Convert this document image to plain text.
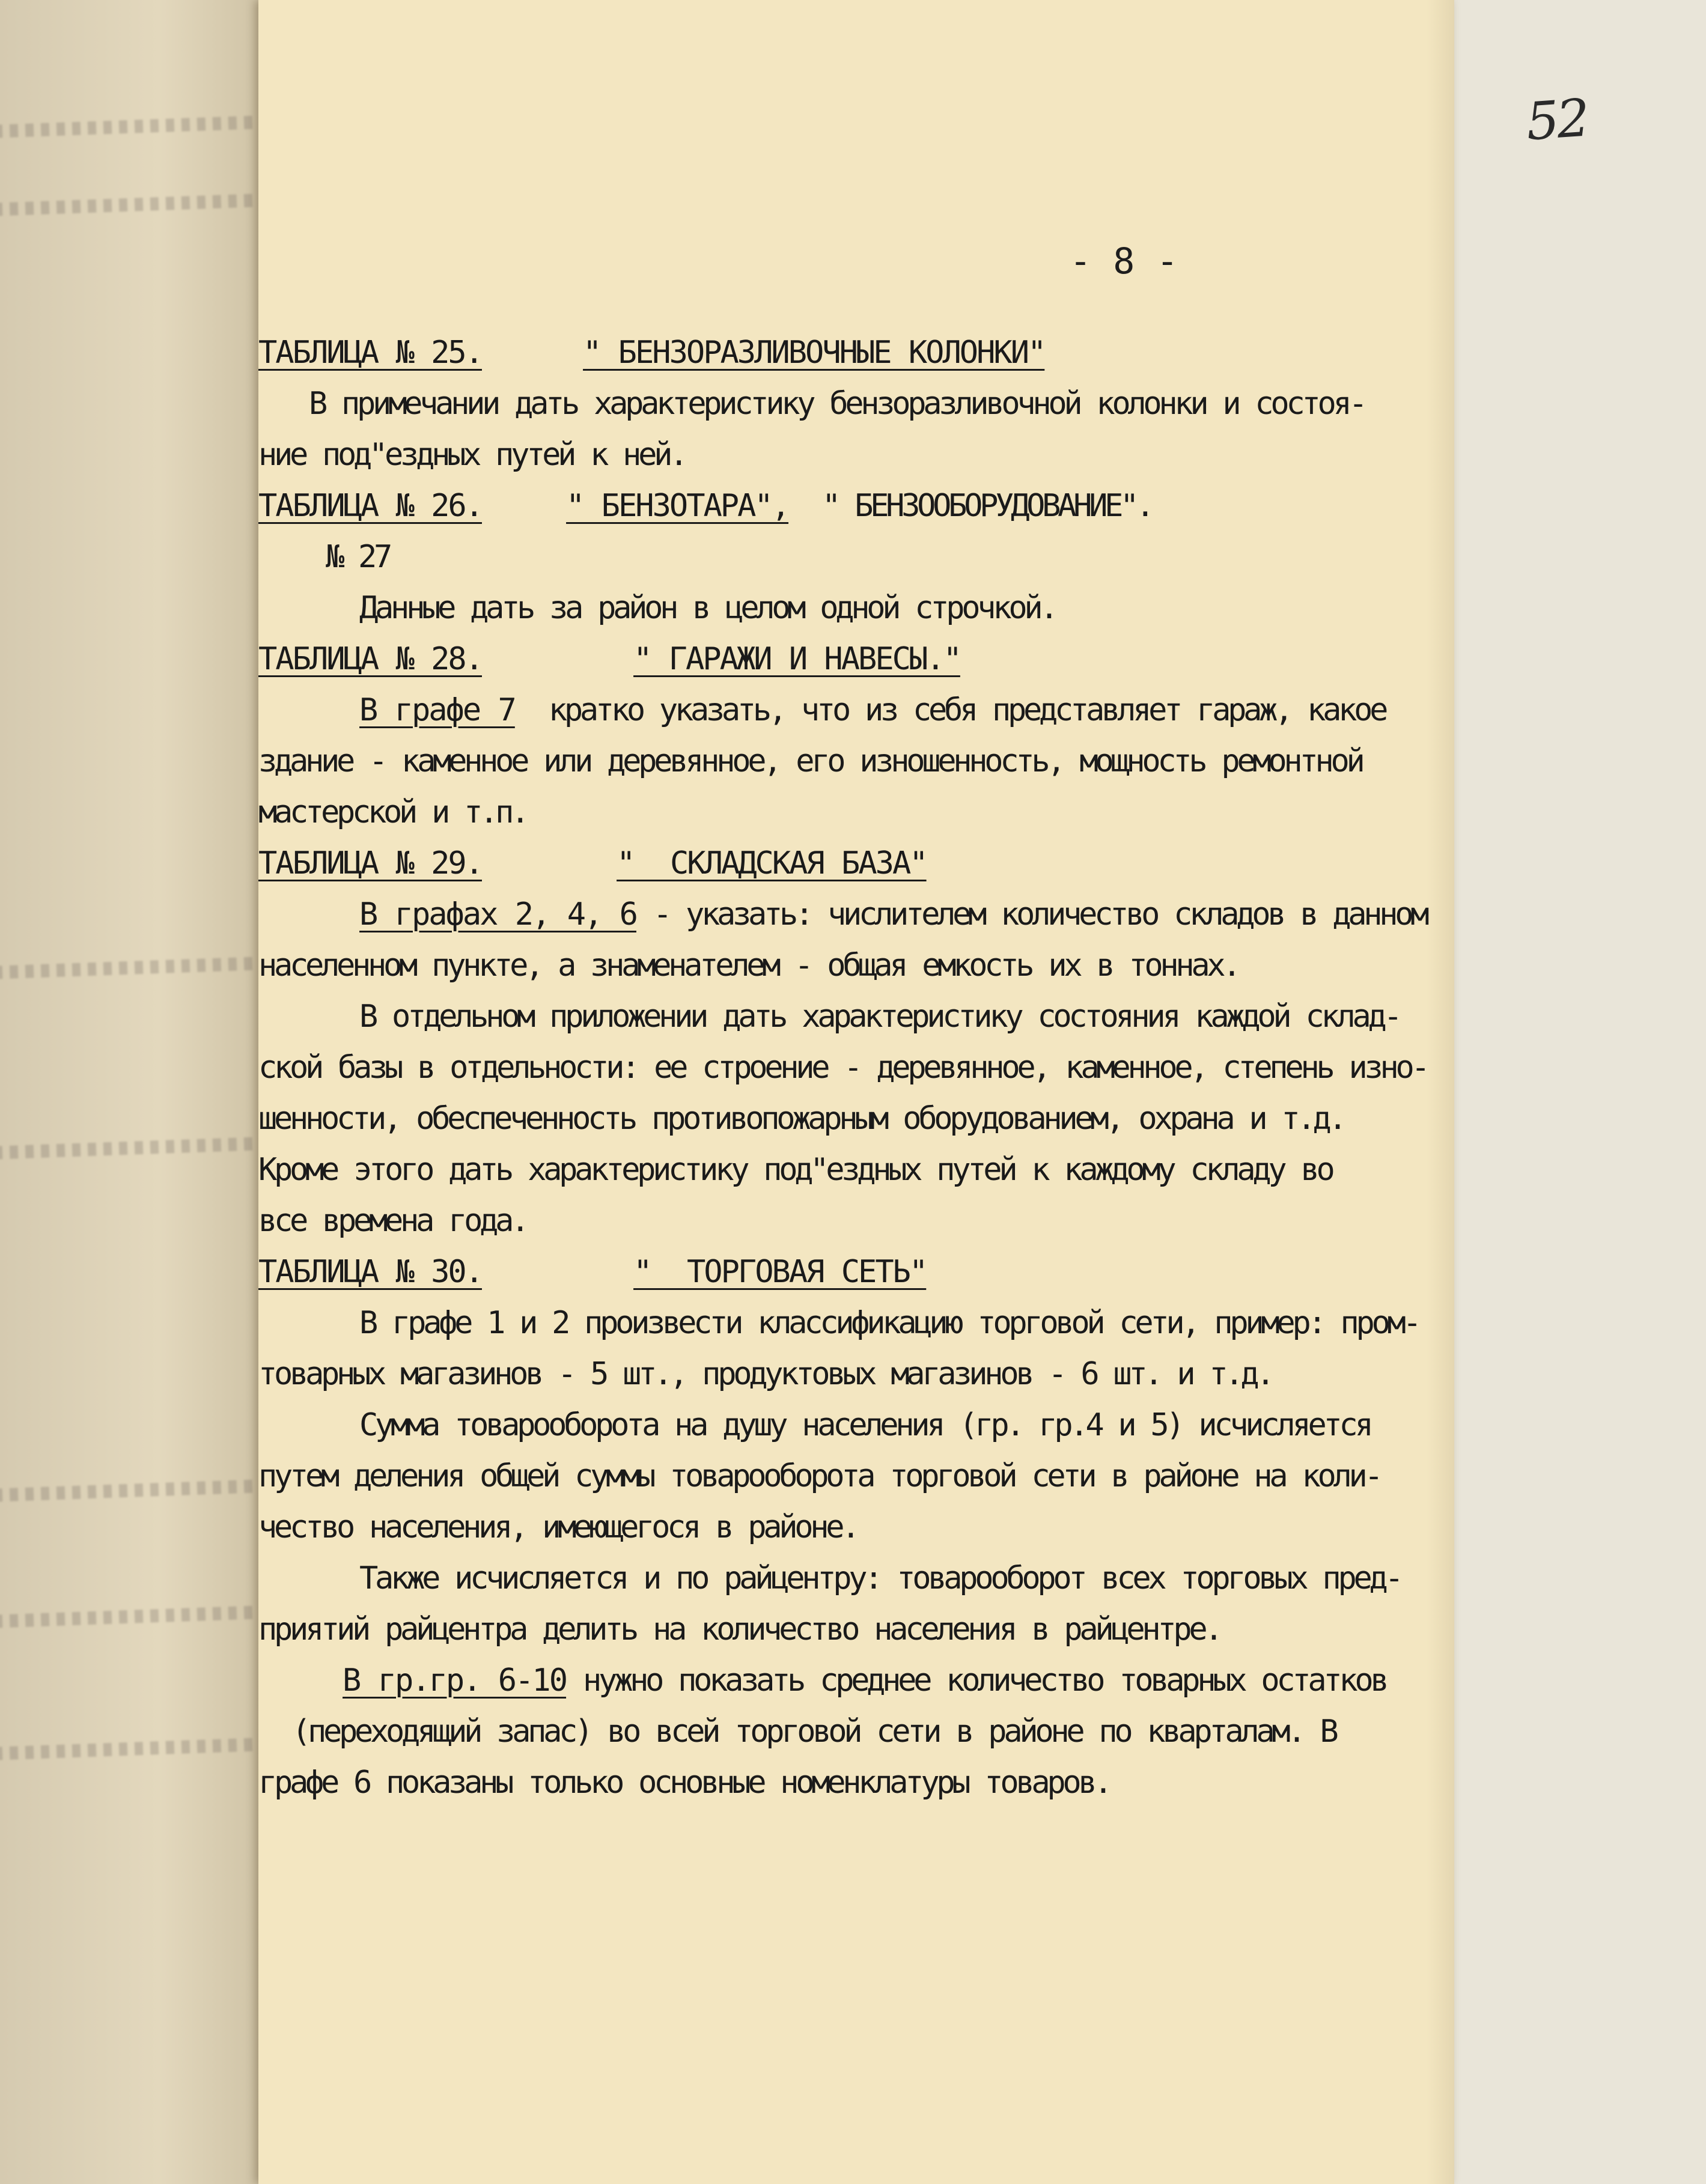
52
- 8 -
ТАБЛИЦА № 25.	" БЕНЗОРАЗЛИВОЧНЫЕ КОЛОНКИ"
В примечании дать характеристику бензоразливочной колонки и состоя-
ние под"ездных путей к ней.
ТАБЛИЦА № 26.	" БЕНЗОТАРА",  " БЕНЗООБОРУДОВАНИЕ".
№ 27
Данные дать за район в целом одной строчкой.
ТАБЛИЦА № 28.	" ГАРАЖИ И НАВЕСЫ."
В графе 7  кратко указать, что из себя представляет гараж, какое
здание - каменное или деревянное, его изношенность, мощность ремонтной
мастерской и т.п.
ТАБЛИЦА № 29.	"  СКЛАДСКАЯ БАЗА"
В графах 2, 4, 6 - указать: числителем количество складов в данном
населенном пункте, а знаменателем - общая емкость их в тоннах.
В отдельном приложении дать характеристику состояния каждой склад-
ской базы в отдельности: ее строение - деревянное, каменное, степень изно-
шенности, обеспеченность противопожарным оборудованием, охрана и т.д.
Кроме этого дать характеристику под"ездных путей к каждому складу во
все времена года.
ТАБЛИЦА № 30.	"  ТОРГОВАЯ СЕТЬ"
В графе 1 и 2 произвести классификацию торговой сети, пример: пром-
товарных магазинов - 5 шт., продуктовых магазинов - 6 шт. и т.д.
Сумма товарооборота на душу населения (гр. гр.4 и 5) исчисляется
путем деления общей суммы товарооборота торговой сети в районе на коли-
чество населения, имеющегося в районе.
Также исчисляется и по райцентру: товарооборот всех торговых пред-
приятий райцентра делить на количество населения в райцентре.
В гр.гр. 6-10 нужно показать среднее количество товарных остатков
(переходящий запас) во всей торговой сети в районе по кварталам. В
графе 6 показаны только основные номенклатуры товаров.
